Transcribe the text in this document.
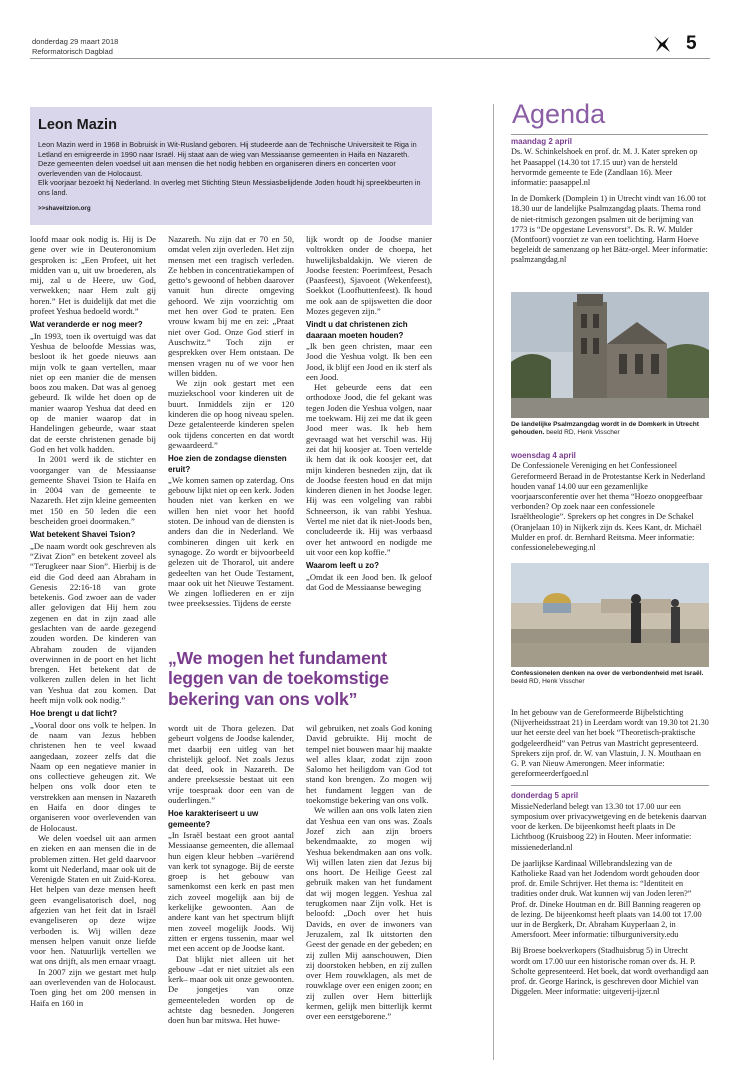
donderdag 29 maart 2018
Reformatorisch Dagblad	5
Leon Mazin
Leon Mazin werd in 1968 in Bobruisk in Wit-Rusland geboren. Hij studeerde aan de Technische Universiteit te Riga in Letland en emigreerde in 1990 naar Israël. Hij staat aan de wieg van Messiaanse gemeenten in Haifa en Nazareth. Deze gemeenten delen voedsel uit aan mensen die het nodig hebben en organiseren diners en concerten voor overlevenden van de Holocaust.
Elk voorjaar bezoekt hij Nederland. In overleg met Stichting Steun Messiasbelijdende Joden houdt hij spreekbeurten in ons land.
>>shaveitzion.org

loofd maar ook nodig is. Hij is De gene over wie in Deuteronomium gesproken is: „Een Profeet, uit het midden van u, uit uw broederen, als mij, zal u de Heere, uw God, verwekken; naar Hem zult gij horen.” Het is duidelijk dat met die profeet Yeshua bedoeld wordt.”

Wat veranderde er nog meer?

„In 1993, toen ik overtuigd was dat Yeshua de beloofde Messias was, besloot ik het goede nieuws aan mijn volk te gaan vertellen, maar niet op een manier die de mensen boos zou maken. Dat was al genoeg gebeurd. Ik wilde het doen op de manier waarop Yeshua dat deed en op de manier waarop dat in Handelingen gebeurde, waar staat dat de eerste christenen genade bij God en het volk hadden.

In 2001 werd ik de stichter en voorganger van de Messiaanse gemeente Shavei Tsion te Haifa en in 2004 van de gemeente te Nazareth. Het zijn kleine gemeenten met 150 en 50 leden die een bescheiden groei doormaken.”

Wat betekent Shavei Tsion?

„De naam wordt ook geschreven als “Zivat Zion” en betekent zoveel als “Terugkeer naar Sion”. Hierbij is de eid die God deed aan Abraham in Genesis 22:16-18 van grote betekenis. God zwoer aan de vader aller gelovigen dat Hij hem zou zegenen en dat in zijn zaad alle geslachten van de aarde gezegend zouden worden. De kinderen van Abraham zouden de vijanden overwinnen in de poort en het licht brengen. Het betekent dat de volkeren zullen delen in het licht van Yeshua dat zou komen. Dat heeft mijn volk ook nodig.”

Hoe brengt u dat licht?

„Vooral door ons volk te helpen. In de naam van Jezus hebben christenen hen te veel kwaad aangedaan, zozeer zelfs dat die Naam op een negatieve manier in ons collectieve geheugen zit. We helpen ons volk door eten te verstrekken aan mensen in Nazareth en Haifa en door dinges te organiseren voor overlevenden van de Holocaust.

We delen voedsel uit aan armen en zieken en aan mensen die in de problemen zitten. Het geld daarvoor komt uit Nederland, maar ook uit de Verenigde Staten en uit Zuid-Korea. Het helpen van deze mensen heeft geen evangelisatorisch doel, nog afgezien van het feit dat in Israël evangeliseren op deze wijze verboden is. Wij willen deze mensen helpen vanuit onze liefde voor hen. Natuurlijk vertellen we wat ons drijft, als men ernaar vraagt.

In 2007 zijn we gestart met hulp aan overlevenden van de Holocaust. Toen ging het om 200 mensen in Haifa en 160 in

Nazareth. Nu zijn dat er 70 en 50, omdat velen zijn overleden. Het zijn mensen met een tragisch verleden. Ze hebben in concentratiekampen of getto’s gewoond of hebben daarover vanuit hun directe omgeving gehoord. We zijn voorzichtig om met hen over God te praten. Een vrouw kwam bij me en zei: „Praat niet over God. Onze God stierf in Auschwitz.” Toch zijn er gesprekken over Hem ontstaan. De mensen vragen nu of we voor hen willen bidden.

We zijn ook gestart met een muziekschool voor kinderen uit de buurt. Inmiddels zijn er 120 kinderen die op hoog niveau spelen. Deze getalenteerde kinderen spelen ook tijdens concerten en dat wordt gewaardeerd.”

Hoe zien de zondagse diensten eruit?

„We komen samen op zaterdag. Ons gebouw lijkt niet op een kerk. Joden houden niet van kerken en we willen hen niet voor het hoofd stoten. De inhoud van de diensten is anders dan die in Nederland. We combineren dingen uit kerk en synagoge. Zo wordt er bijvoorbeeld gelezen uit de Thorarol, uit andere gedeelten van het Oude Testament, maar ook uit het Nieuwe Testament. We zingen lofliederen en er zijn twee preeksessies. Tijdens de eerste

lijk wordt op de Joodse manier voltrokken onder de choepa, het huwelijksbaldakijn. We vieren de Joodse feesten: Poerimfeest, Pesach (Paasfeest), Sjavoeot (Wekenfeest), Soekkot (Loofhuttenfeest). Ik houd me ook aan de spijswetten die door Mozes gegeven zijn.”

Vindt u dat christenen zich daaraan moeten houden?

„Ik ben geen christen, maar een Jood die Yeshua volgt. Ik ben een Jood, ik blijf een Jood en ik sterf als een Jood.

Het gebeurde eens dat een orthodoxe Jood, die fel gekant was tegen Joden die Yeshua volgen, naar me toekwam. Hij zei me dat ik geen Jood meer was. Ik heb hem gevraagd wat het verschil was. Hij zei dat hij koosjer at. Toen vertelde ik hem dat ik ook koosjer eet, dat mijn kinderen besneden zijn, dat ik de Joodse feesten houd en dat mijn kinderen dienen in het Joodse leger. Hij was een volgeling van rabbi Schneerson, ik van rabbi Yeshua. Vertel me niet dat ik niet-Joods ben, concludeerde ik. Hij was verbaasd over het antwoord en nodigde me uit voor een kop koffie.”

Waarom leeft u zo?

„Omdat ik een Jood ben. Ik geloof dat God de Messiaanse beweging

„We mogen het fundament leggen van de toekomstige bekering van ons volk”

wordt uit de Thora gelezen. Dat gebeurt volgens de Joodse kalender, met daarbij een uitleg van het christelijk geloof. Net zoals Jezus dat deed, ook in Nazareth. De andere preeksessie bestaat uit een vrije toespraak door een van de ouderlingen.”

Hoe karakteriseert u uw gemeente?

„In Israël bestaat een groot aantal Messiaanse gemeenten, die allemaal hun eigen kleur hebben –variërend van kerk tot synagoge. Bij de eerste groep is het gebouw van samenkomst een kerk en past men zich zoveel mogelijk aan bij de kerkelijke gewoonten. Aan de andere kant van het spectrum blijft men zoveel mogelijk Joods. Wij zitten er ergens tussenin, maar wel met een accent op de Joodse kant.

Dat blijkt niet alleen uit het gebouw –dat er niet uitziet als een kerk– maar ook uit onze gewoonten. De jongetjes van onze gemeenteleden worden op de achtste dag besneden. Jongeren doen hun bar mitswa. Het huwe-

wil gebruiken, net zoals God koning David gebruikte. Hij mocht de tempel niet bouwen maar hij maakte wel alles klaar, zodat zijn zoon Salomo het heiligdom van God tot stand kon brengen. Zo mogen wij het fundament leggen van de toekomstige bekering van ons volk.

We willen aan ons volk laten zien dat Yeshua een van ons was. Zoals Jozef zich aan zijn broers bekendmaakte, zo mogen wij Yeshua bekendmaken aan ons volk. Wij willen laten zien dat Jezus bij ons hoort. De Heilige Geest zal gebruik maken van het fundament dat wij mogen leggen. Yeshua zal terugkomen naar Zijn volk. Het is beloofd: „Doch over het huis Davids, en over de inwoners van Jeruzalem, zal Ik uitstorten den Geest der genade en der gebeden; en zij zullen Mij aanschouwen, Dien zij doorstoken hebben, en zij zullen over Hem rouwklagen, als met de rouwklage over een enigen zoon; en zij zullen over Hem bitterlijk kermen, gelijk men bitterlijk kermt over een eerstgeborene.”

Agenda
maandag 2 april

Ds. W. Schinkelshoek en prof. dr. M. J. Kater spreken op het Paasappel (14.30 tot 17.15 uur) van de hersteld hervormde gemeente te Ede (Zandlaan 16). Meer informatie: paasappel.nl

In de Domkerk (Domplein 1) in Utrecht vindt van 16.00 tot 18.30 uur de landelijke Psalmzangdag plaats. Thema rond de niet-ritmisch gezongen psalmen uit de berijming van 1773 is “De opgestane Levensvorst”. Ds. R. W. Mulder (Montfoort) voorziet ze van een toelichting. Harm Hoeve begeleidt de samenzang op het Bätz-orgel. Meer informatie: psalmzangdag.nl

De landelijke Psalmzangdag wordt in de Domkerk in Utrecht gehouden. beeld RD, Henk Visscher
woensdag 4 april

De Confessionele Vereniging en het Confessioneel Gereformeerd Beraad in de Protestantse Kerk in Nederland houden vanaf 14.00 uur een gezamenlijke voorjaarsconferentie over het thema “Hoezo onopgeefbaar verbonden? Op zoek naar een confessionele Israëltheologie”. Sprekers op het congres in De Schakel (Oranjelaan 10) in Nijkerk zijn ds. Kees Kant, dr. Michaël Mulder en prof. dr. Bernhard Reitsma. Meer informatie: confessionelebeweging.nl

Confessionelen denken na over de verbondenheid met Israël. beeld RD, Henk Visscher

In het gebouw van de Gereformeerde Bijbelstichting (Nijverheidsstraat 21) in Leerdam wordt van 19.30 tot 21.30 uur het eerste deel van het boek “Theoretisch-praktische godgeleerdheid” van Petrus van Mastricht gepresenteerd. Sprekers zijn prof. dr. W. van Vlastuin, J. N. Mouthaan en G. P. van Nieuw Amerongen. Meer informatie: gereformeerderfgoed.nl

donderdag 5 april

MissieNederland belegt van 13.30 tot 17.00 uur een symposium over privacywetgeving en de betekenis daarvan voor de kerken. De bijeenkomst heeft plaats in De Lichtboog (Kruisboog 22) in Houten. Meer informatie: missienederland.nl

De jaarlijkse Kardinaal Willebrandslezing van de Katholieke Raad van het Jodendom wordt gehouden door prof. dr. Emile Schrijver. Het thema is: “Identiteit en tradities onder druk. Wat kunnen wij van Joden leren?” Prof. dr. Dineke Houtman en dr. Bill Banning reageren op de lezing. De bijeenkomst heeft plaats van 14.00 tot 17.00 uur in de Bergkerk, Dr. Abraham Kuyperlaan 2, in Amersfoort. Meer informatie: tilburguniversity.edu

Bij Broese boekverkopers (Stadhuisbrug 5) in Utrecht wordt om 17.00 uur een historische roman over ds. H. P. Scholte gepresenteerd. Het boek, dat wordt overhandigd aan prof. dr. George Harinck, is geschreven door Michiel van Diggelen. Meer informatie: uitgeverij-ijzer.nl
